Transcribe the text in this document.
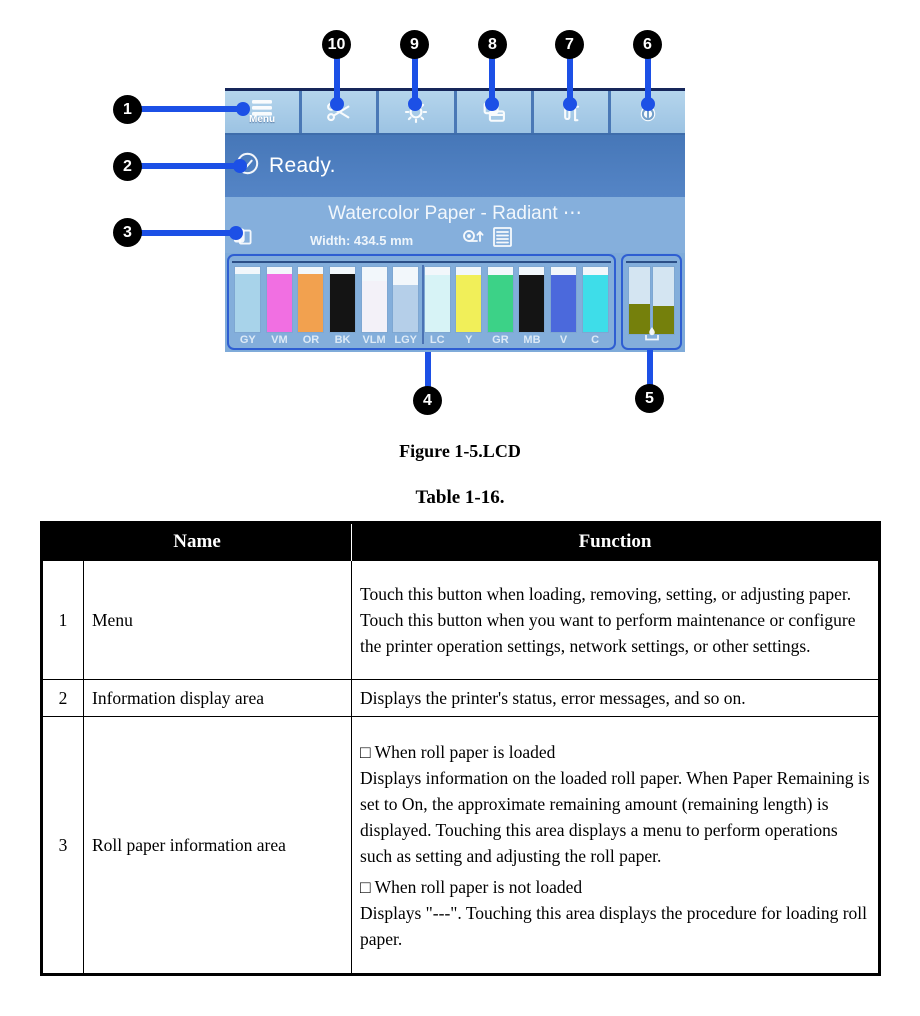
Menu
Ready.
Watercolor Paper - Radiant ⋯
Width: 434.5 mm
GY VM OR BK VLM LGY LC Y GR MB V C
1
2
3
4	5
6
7
8
9
10
Figure 1-5.LCD
Table 1-16.
Name		Function
1	Menu	Touch this button when loading, removing, setting, or adjusting paper. Touch this button when you want to perform maintenance or configure the printer operation settings, network settings, or other settings.

2	Information display area	Displays the printer's status, error messages, and so on.

3	Roll paper information area	□ When roll paper is loaded

Displays information on the loaded roll paper. When Paper Remaining is set to On, the approximate remaining amount (remaining length) is displayed. Touching this area displays a menu to perform operations such as setting and adjusting the roll paper.

□ When roll paper is not loaded

Displays "---". Touching this area displays the procedure for loading roll paper.
